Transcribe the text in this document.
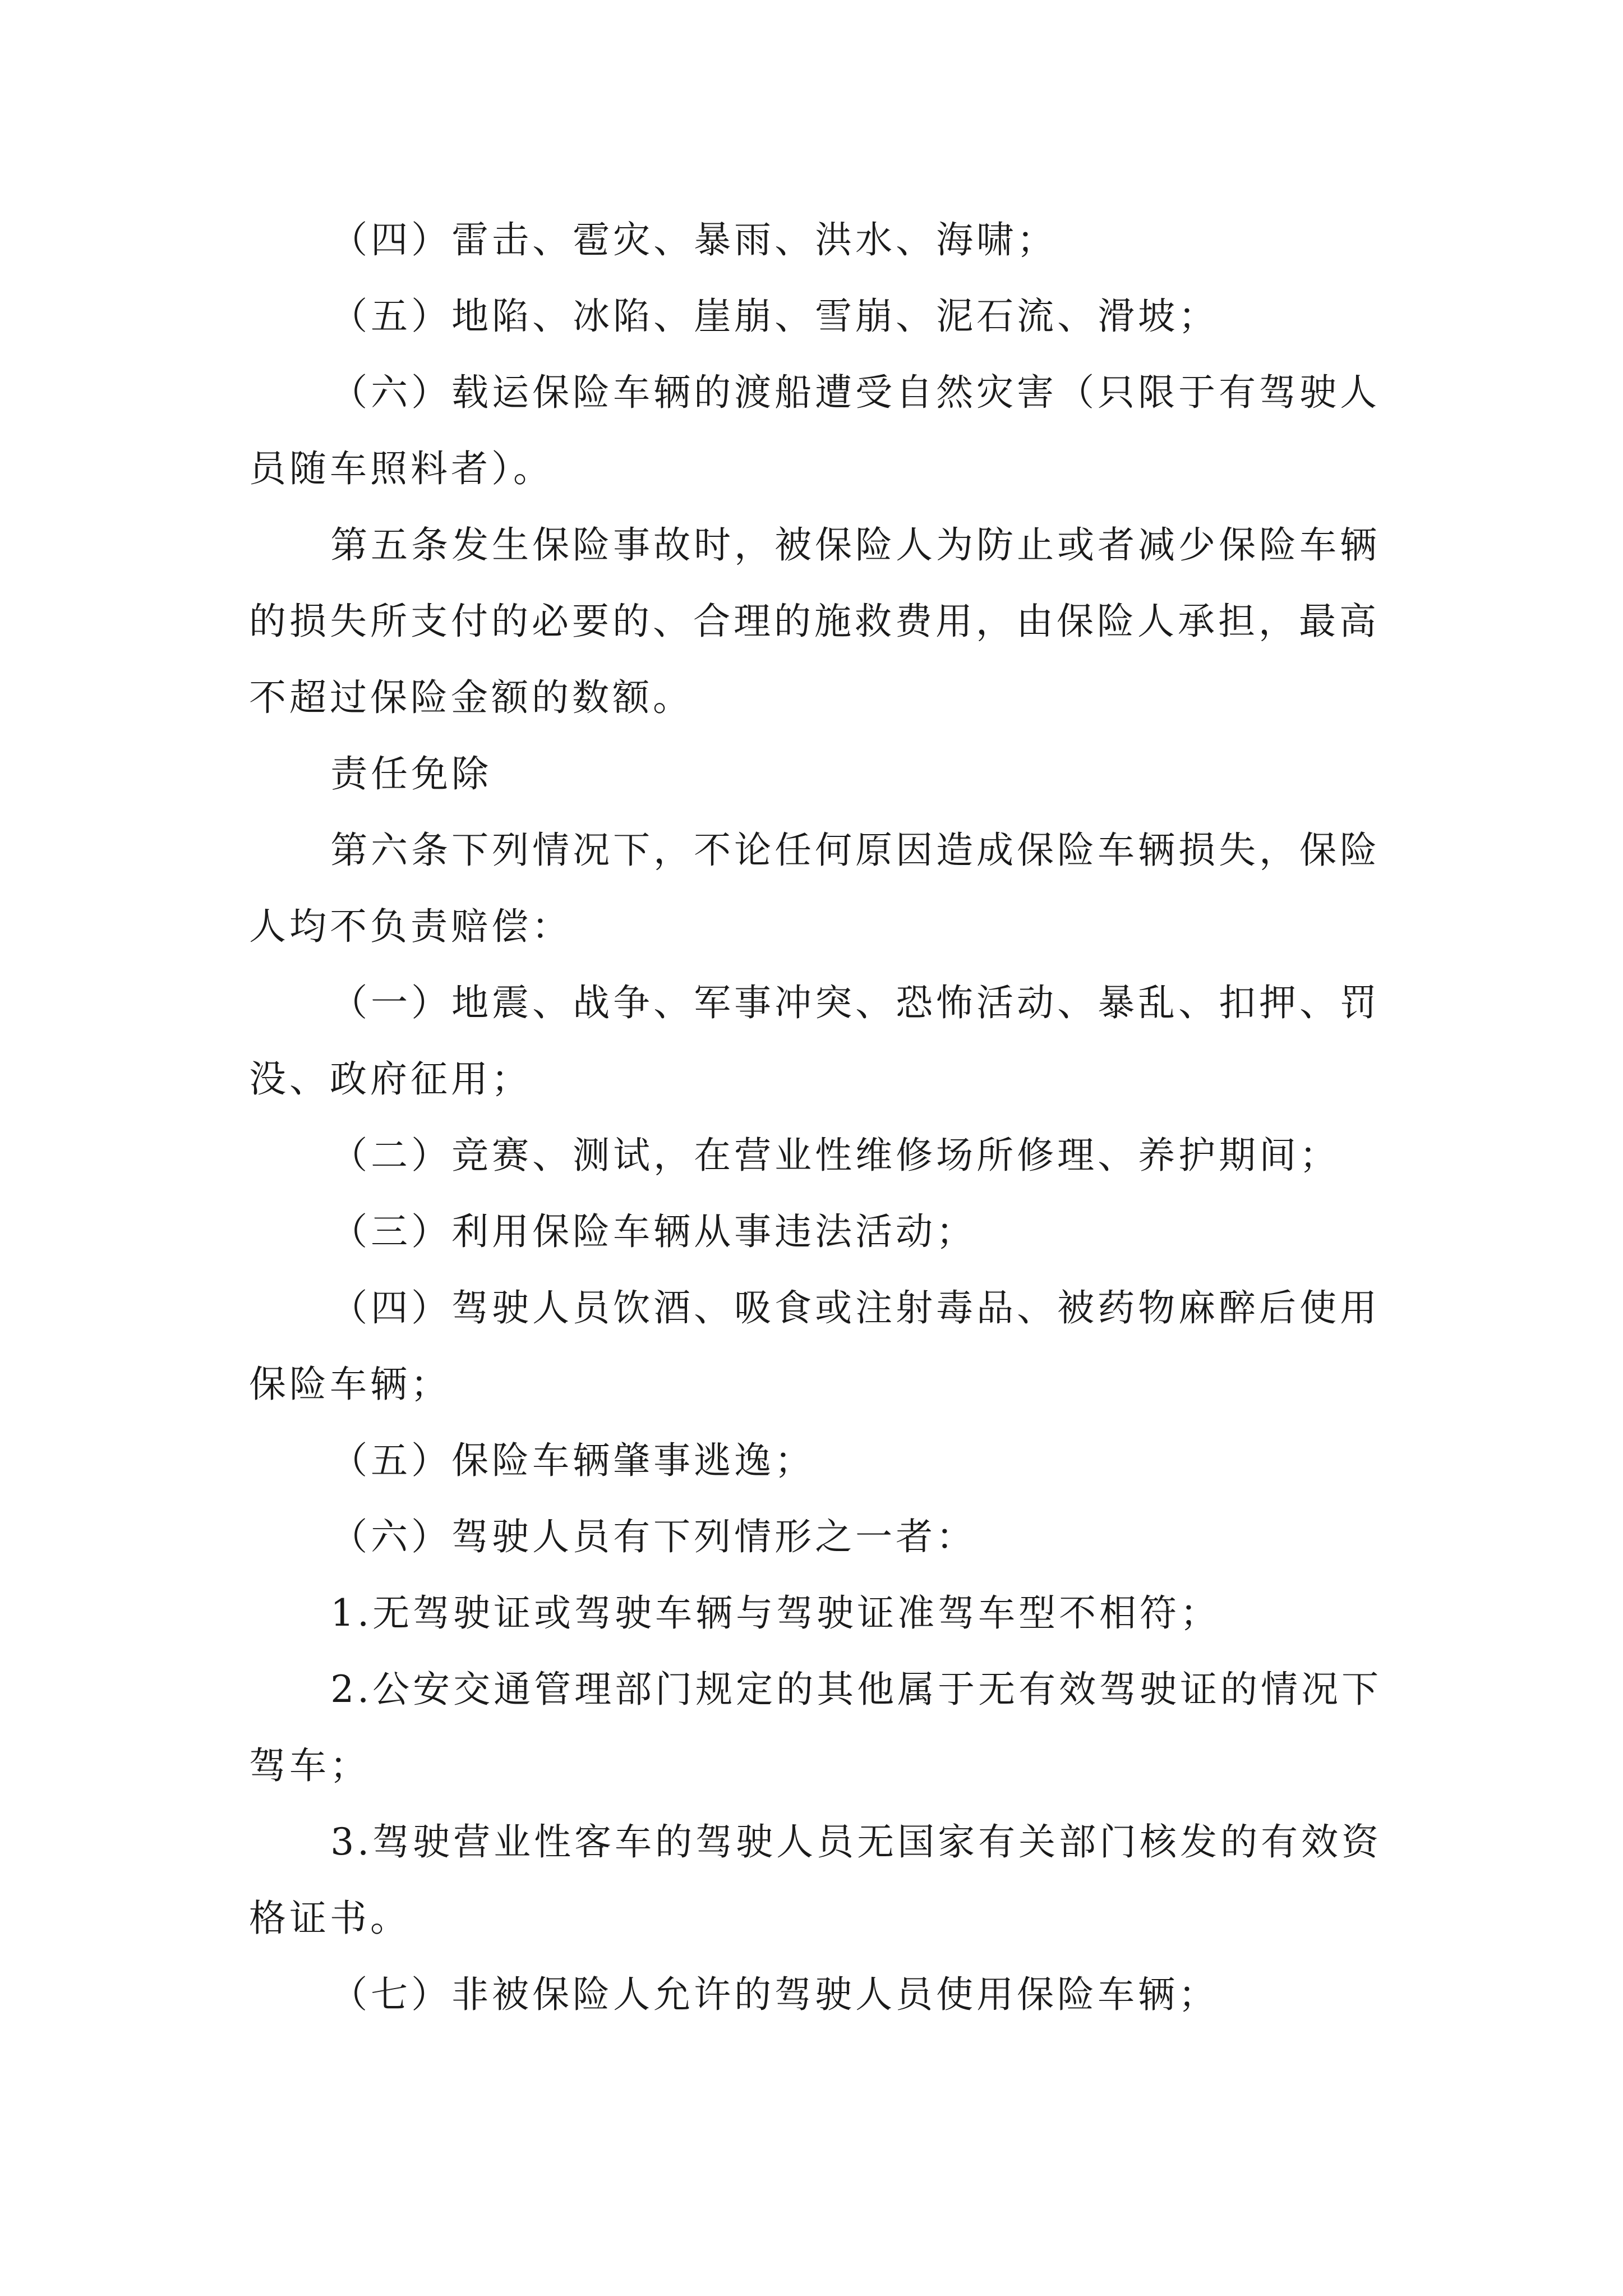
（四）雷击、雹灾、暴雨、洪水、海啸；

（五）地陷、冰陷、崖崩、雪崩、泥石流、滑坡；

（六）载运保险车辆的渡船遭受自然灾害（只限于有驾驶人员随车照料者）。

第五条发生保险事故时，被保险人为防止或者减少保险车辆的损失所支付的必要的、合理的施救费用，由保险人承担，最高不超过保险金额的数额。

责任免除

第六条下列情况下，不论任何原因造成保险车辆损失，保险人均不负责赔偿：

（一）地震、战争、军事冲突、恐怖活动、暴乱、扣押、罚没、政府征用；

（二）竞赛、测试，在营业性维修场所修理、养护期间；

（三）利用保险车辆从事违法活动；

（四）驾驶人员饮酒、吸食或注射毒品、被药物麻醉后使用保险车辆；

（五）保险车辆肇事逃逸；

（六）驾驶人员有下列情形之一者：

1.无驾驶证或驾驶车辆与驾驶证准驾车型不相符；

2.公安交通管理部门规定的其他属于无有效驾驶证的情况下驾车；

3.驾驶营业性客车的驾驶人员无国家有关部门核发的有效资格证书。

（七）非被保险人允许的驾驶人员使用保险车辆；
